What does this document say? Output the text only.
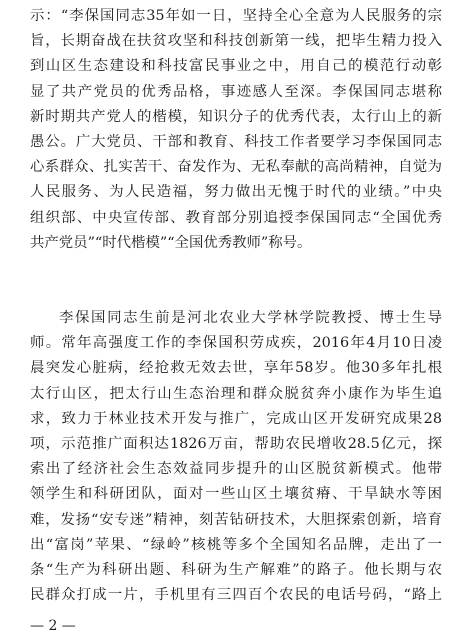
示：“李保国同志35年如一日，坚持全心全意为人民服务的宗
旨，长期奋战在扶贫攻坚和科技创新第一线，把毕生精力投入
到山区生态建设和科技富民事业之中，用自己的模范行动彰
显了共产党员的优秀品格，事迹感人至深。李保国同志堪称
新时期共产党人的楷模，知识分子的优秀代表，太行山上的新
愚公。广大党员、干部和教育、科技工作者要学习李保国同志
心系群众、扎实苦干、奋发作为、无私奉献的高尚精神，自觉为
人民服务、为人民造福，努力做出无愧于时代的业绩。”中央
组织部、中央宣传部、教育部分别追授李保国同志“全国优秀
共产党员”“时代楷模”“全国优秀教师”称号。
李保国同志生前是河北农业大学林学院教授、博士生导
师。常年高强度工作的李保国积劳成疾，2016年4月10日凌
晨突发心脏病，经抢救无效去世，享年58岁。他30多年扎根
太行山区，把太行山生态治理和群众脱贫奔小康作为毕生追
求，致力于林业技术开发与推广，完成山区开发研究成果28
项，示范推广面积达1826万亩，帮助农民增收28.5亿元，探
索出了经济社会生态效益同步提升的山区脱贫新模式。他带
领学生和科研团队，面对一些山区土壤贫瘠、干旱缺水等困
难，发扬“安专迷”精神，刻苦钻研技术，大胆探索创新，培育
出“富岗”苹果、“绿岭”核桃等多个全国知名品牌，走出了一
条“生产为科研出题、科研为生产解难”的路子。他长期与农
民群众打成一片，手机里有三四百个农民的电话号码，“路上
— 2 —
